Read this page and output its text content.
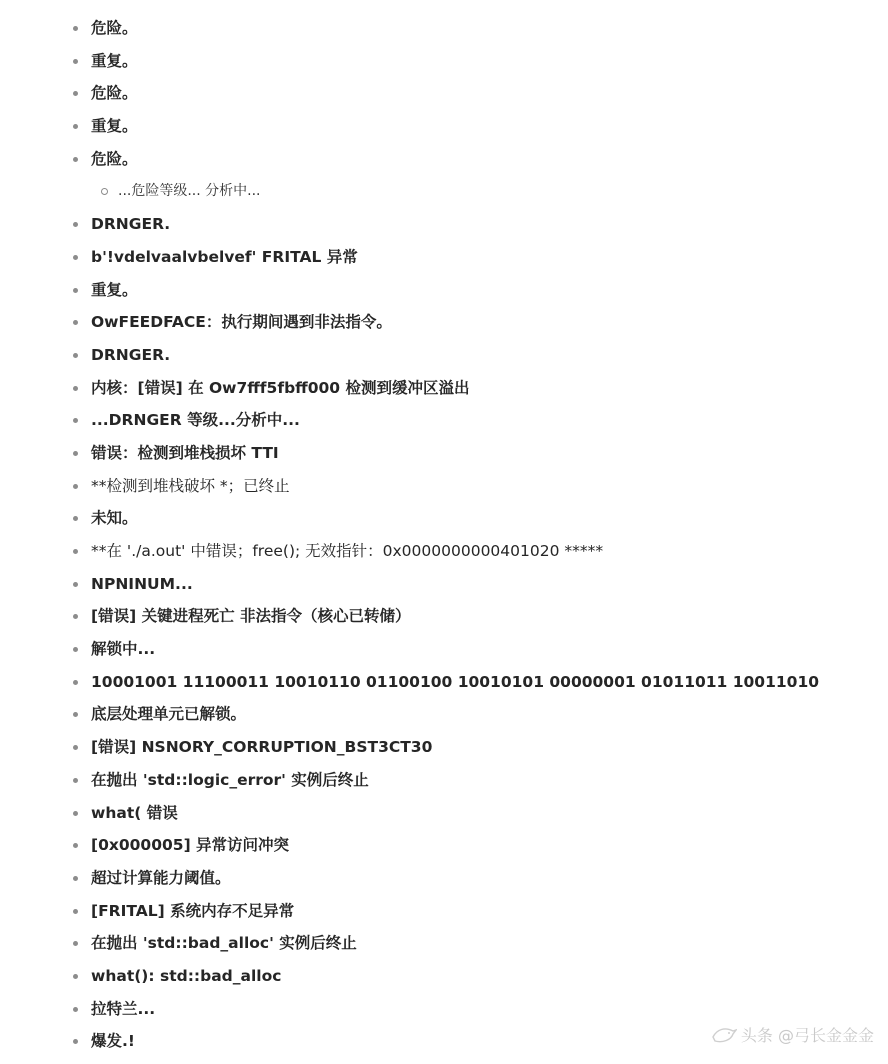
危险。
重复。
危险。
重复。
危险。
...危险等级... 分析中...
DRNGER.
b'!vdelvaalvbelvef' FRITAL 异常
重复。
OwFEEDFACE：执行期间遇到非法指令。
DRNGER.
内核：[错误] 在 Ow7fff5fbff000 检测到缓冲区溢出
...DRNGER 等级...分析中...
错误：检测到堆栈损坏 TTI
**检测到堆栈破坏 *；已终止
未知。
**在 './a.out' 中错误；free(); 无效指针：0x0000000000401020 *****
NPNINUM...
[错误] 关键进程死亡 非法指令（核心已转储）
解锁中...
10001001 11100011 10010110 01100100 10010101 00000001 01011011 10011010
底层处理单元已解锁。
[错误] NSNORY_CORRUPTION_BST3CT30
在抛出 'std::logic_error' 实例后终止
what( 错误
[0x000005] 异常访问冲突
超过计算能力阈值。
[FRITAL] 系统内存不足异常
在抛出 'std::bad_alloc' 实例后终止
what(): std::bad_alloc
拉特兰...
爆发.!	头条 @弓长金金金
